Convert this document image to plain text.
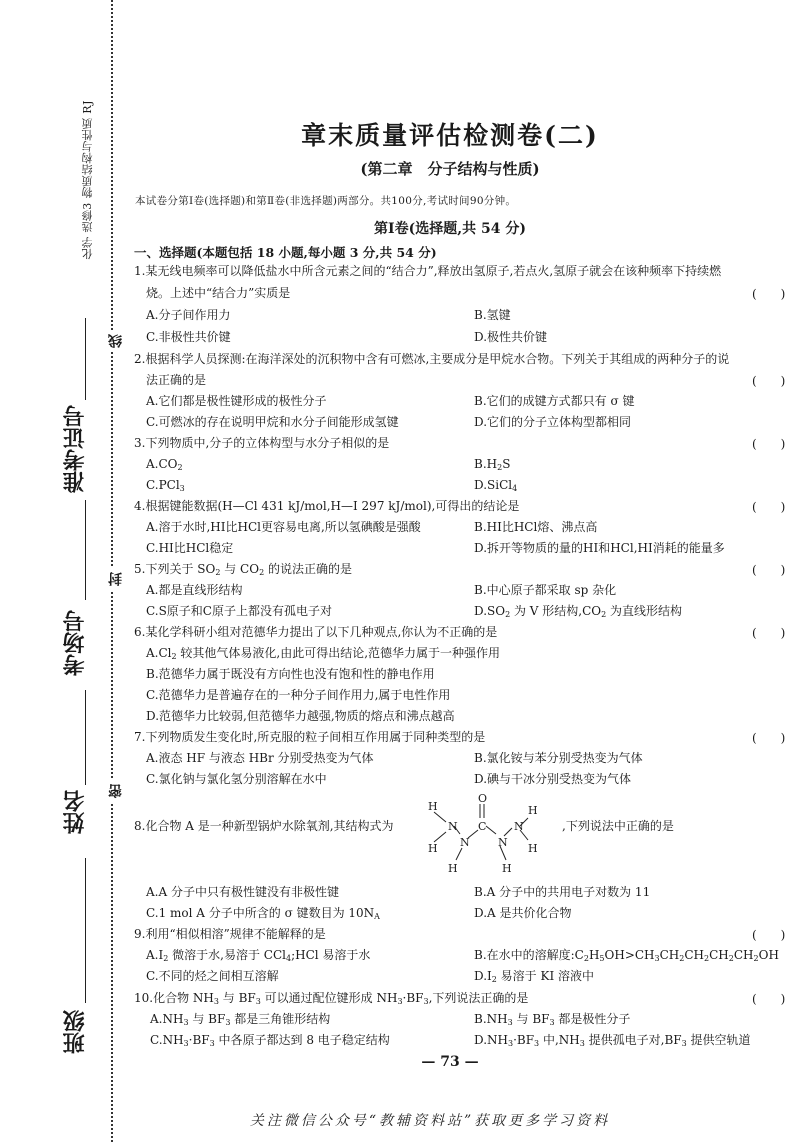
化学 选修3 物质结构与性质 RJ
线
封
密
准考证号
考场号
姓名
班级
章末质量评估检测卷(二)
(第二章　分子结构与性质)
本试卷分第Ⅰ卷(选择题)和第Ⅱ卷(非选择题)两部分。共100分,考试时间90分钟。
第Ⅰ卷(选择题,共 54 分)
一、选择题(本题包括 18 小题,每小题 3 分,共 54 分)
1.某无线电频率可以降低盐水中所含元素之间的“结合力”,释放出氢原子,若点火,氢原子就会在该种频率下持续燃
烧。上述中“结合力”实质是	(　　)
A.分子间作用力	B.氢键
C.非极性共价键	D.极性共价键
2.根据科学人员探测:在海洋深处的沉积物中含有可燃冰,主要成分是甲烷水合物。下列关于其组成的两种分子的说
法正确的是	(　　)
A.它们都是极性键形成的极性分子	B.它们的成键方式都只有 σ 键
C.可燃冰的存在说明甲烷和水分子间能形成氢键	D.它们的分子立体构型都相同
3.下列物质中,分子的立体构型与水分子相似的是	(　　)
$A.CO_2$	$B.H_2S$
C.PCl$_3$	D.SiCl$_4$
4.根据键能数据(H—Cl 431 kJ/mol,H—I 297 kJ/mol),可得出的结论是	(　　)
A.溶于水时,HI比HCl更容易电离,所以氢碘酸是强酸	B.HI比HCl熔、沸点高
C.HI比HCl稳定	D.拆开等物质的量的HI和HCl,HI消耗的能量多
5.下列关于 $SO_2$ 与 $CO_2$ 的说法正确的是	(　　)
A.都是直线形结构	B.中心原子都采取 sp 杂化
C.S原子和C原子上都没有孤电子对	$D.SO_2$ 为 V 形结构$,CO_2$ 为直线形结构
6.某化学科研小组对范德华力提出了以下几种观点,你认为不正确的是	(　　)
$A.Cl_2$ 较其他气体易液化,由此可得出结论,范德华力属于一种强作用
B.范德华力属于既没有方向性也没有饱和性的静电作用
C.范德华力是普遍存在的一种分子间作用力,属于电性作用
D.范德华力比较弱,但范德华力越强,物质的熔点和沸点越高
7.下列物质发生变化时,所克服的粒子间相互作用属于同种类型的是	(　　)
A.液态 HF 与液态 HBr 分别受热变为气体	B.氯化铵与苯分别受热变为气体
C.氯化钠与氯化氢分别溶解在水中	D.碘与干冰分别受热变为气体
8.化合物 A 是一种新型锅炉水除氧剂,其结构式为
H
N
H N
H
O
C
N
H
N
H
H
,下列说法中正确的是
A.A 分子中只有极性键没有非极性键	B.A 分子中的共用电子对数为 11
C.1 mol A 分子中所含的 σ 键数目为 $10N_A$	D.A 是共价化合物
9.利用“相似相溶”规律不能解释的是	(　　)
$A.I_2$ 微溶于水,易溶于 CCl$_4$;HCl 易溶于水	B.在水中的溶解度$:C_2H_5OH>CH_3CH_2CH_2CH_2CH_2OH$
C.不同的烃之间相互溶解	$D.I_2$ 易溶于 KI 溶液中
10.化合物 $NH_3$ 与 $BF_3$ 可以通过配位键形成 $NH_3\cdot BF_3$,下列说法正确的是	(　　)
$A.NH_3$ 与 $BF_3$ 都是三角锥形结构	$B.NH_3$ 与 $BF_3$ 都是极性分子
$C.NH_3\cdot BF_3$ 中各原子都达到 8 电子稳定结构	$D.NH_3\cdot BF_3$ 中$,NH_3$ 提供孤电子对$,BF_3$ 提供空轨道
— 73 —
关注微信公众号“教辅资料站”获取更多学习资料
